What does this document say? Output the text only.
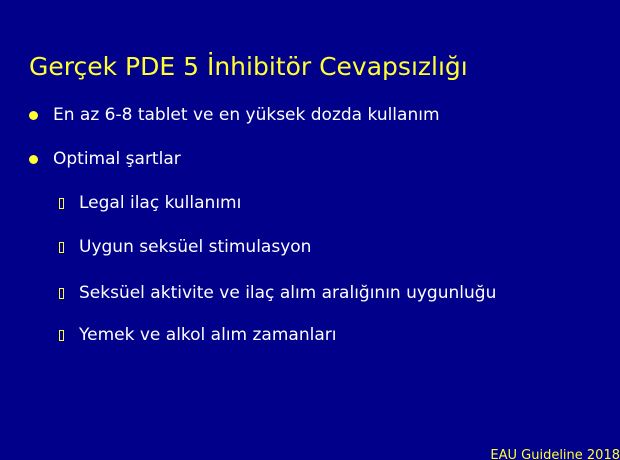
Gerçek PDE 5 İnhibitör Cevapsızlığı
En az 6-8 tablet ve en yüksek dozda kullanım
Optimal şartlar
Legal ilaç kullanımı
Uygun seksüel stimulasyon
Seksüel aktivite ve ilaç alım aralığının uygunluğu
Yemek ve alkol alım zamanları
EAU Guideline 2018
